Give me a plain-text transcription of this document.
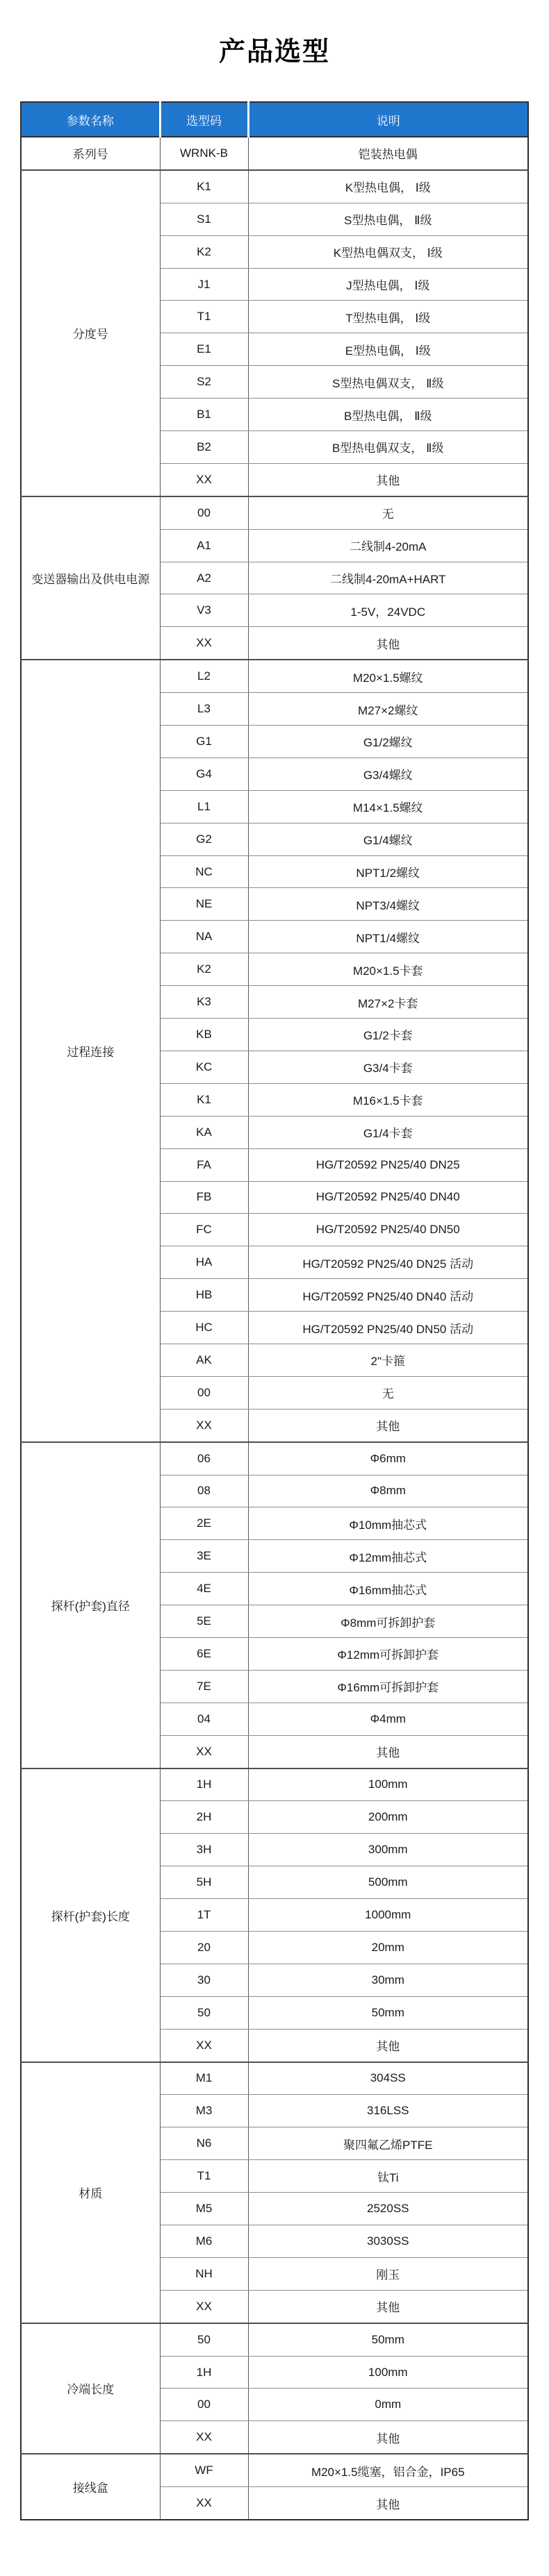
产品选型
参数名称	选型码	说明
系列号	WRNK-B	铠装热电偶
分度号	K1	K型热电偶， Ⅰ级
	S1	S型热电偶， Ⅱ级
	K2	K型热电偶双支， Ⅰ级
	J1	J型热电偶， Ⅰ级
	T1	T型热电偶， Ⅰ级
	E1	E型热电偶， Ⅰ级
	S2	S型热电偶双支， Ⅱ级
	B1	B型热电偶， Ⅱ级
	B2	B型热电偶双支， Ⅱ级
	XX	其他
变送器输出及供电电源	00	无
	A1	二线制4-20mA
	A2	二线制4-20mA+HART
	V3	1-5V，24VDC
	XX	其他
过程连接	L2	M20×1.5螺纹
	L3	M27×2螺纹
	G1	G1/2螺纹
	G4	G3/4螺纹
	L1	M14×1.5螺纹
	G2	G1/4螺纹
	NC	NPT1/2螺纹
	NE	NPT3/4螺纹
	NA	NPT1/4螺纹
	K2	M20×1.5卡套
	K3	M27×2卡套
	KB	G1/2卡套
	KC	G3/4卡套
	K1	M16×1.5卡套
	KA	G1/4卡套
	FA	HG/T20592 PN25/40 DN25
	FB	HG/T20592 PN25/40 DN40
	FC	HG/T20592 PN25/40 DN50
	HA	HG/T20592 PN25/40 DN25 活动
	HB	HG/T20592 PN25/40 DN40 活动
	HC	HG/T20592 PN25/40 DN50 活动
	AK	2"卡箍
	00	无
	XX	其他
探杆(护套)直径	06	Φ6mm
	08	Φ8mm
	2E	Φ10mm抽芯式
	3E	Φ12mm抽芯式
	4E	Φ16mm抽芯式
	5E	Φ8mm可拆卸护套
	6E	Φ12mm可拆卸护套
	7E	Φ16mm可拆卸护套
	04	Φ4mm
	XX	其他
探杆(护套)长度	1H	100mm
	2H	200mm
	3H	300mm
	5H	500mm
	1T	1000mm
	20	20mm
	30	30mm
	50	50mm
	XX	其他
材质	M1	304SS
	M3	316LSS
	N6	聚四氟乙烯PTFE
	T1	钛Ti
	M5	2520SS
	M6	3030SS
	NH	刚玉
	XX	其他
冷端长度	50	50mm
	1H	100mm
	00	0mm
	XX	其他
接线盒	WF	M20×1.5缆塞，铝合金，IP65
	XX	其他
